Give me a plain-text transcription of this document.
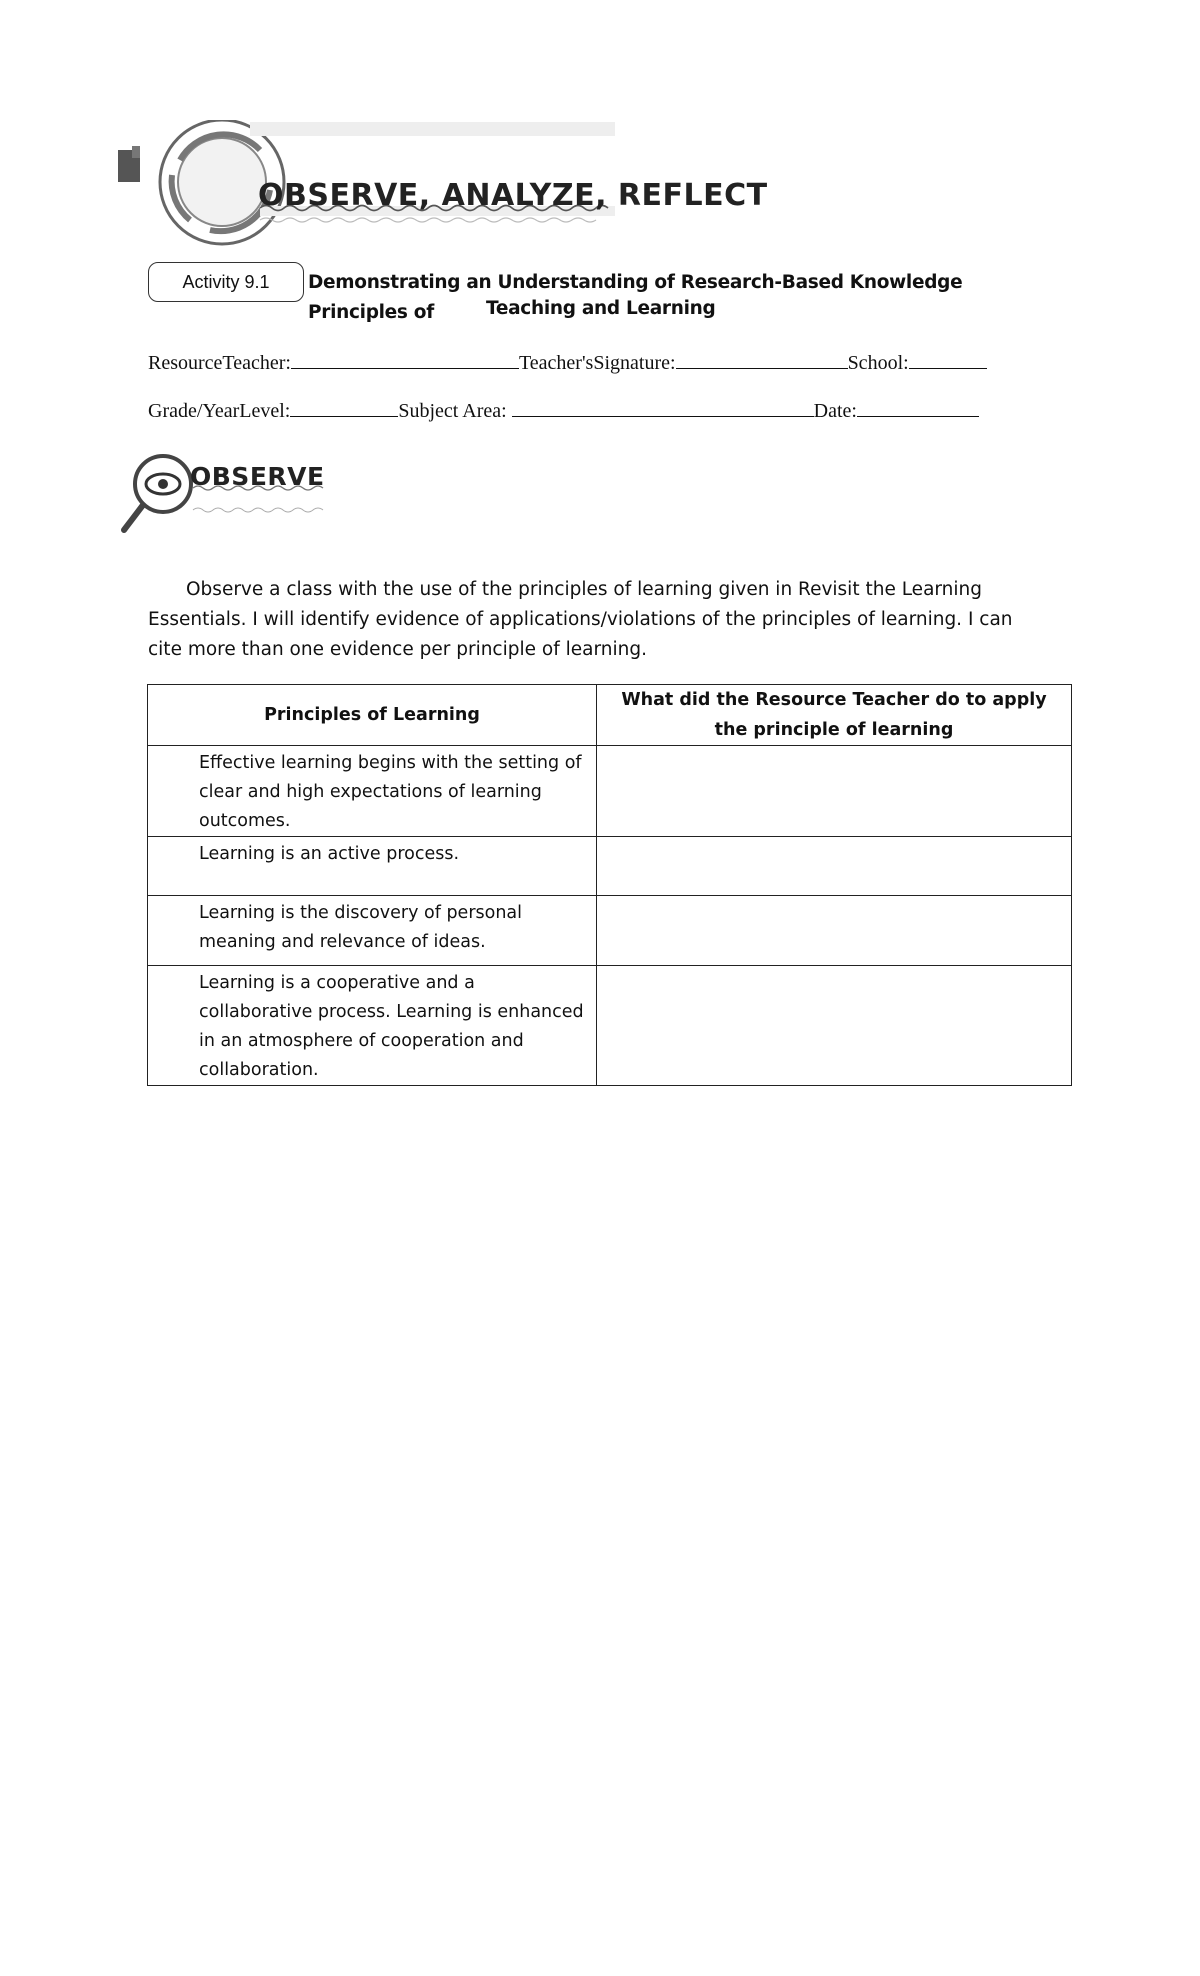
OBSERVE, ANALYZE, REFLECT
Activity 9.1	Demonstrating an Understanding of Research-Based Knowledge Principles of	Teaching and Learning
ResourceTeacher:	Teacher'sSignature:	School:
Grade/YearLevel:	Subject Area:	Date:
OBSERVE
Observe a class with the use of the principles of learning given in Revisit the Learning Essentials. I will identify evidence of applications/violations of the principles of learning. I can cite more than one evidence per principle of learning.
Principles of Learning	What did the Resource Teacher do to apply the principle of learning

Effective learning begins with the setting of clear and high expectations of learning outcomes.	

Learning is an active process.	

Learning is the discovery of personal meaning and relevance of ideas.	

Learning is a cooperative and a collaborative process. Learning is enhanced in an atmosphere of cooperation and collaboration.	
